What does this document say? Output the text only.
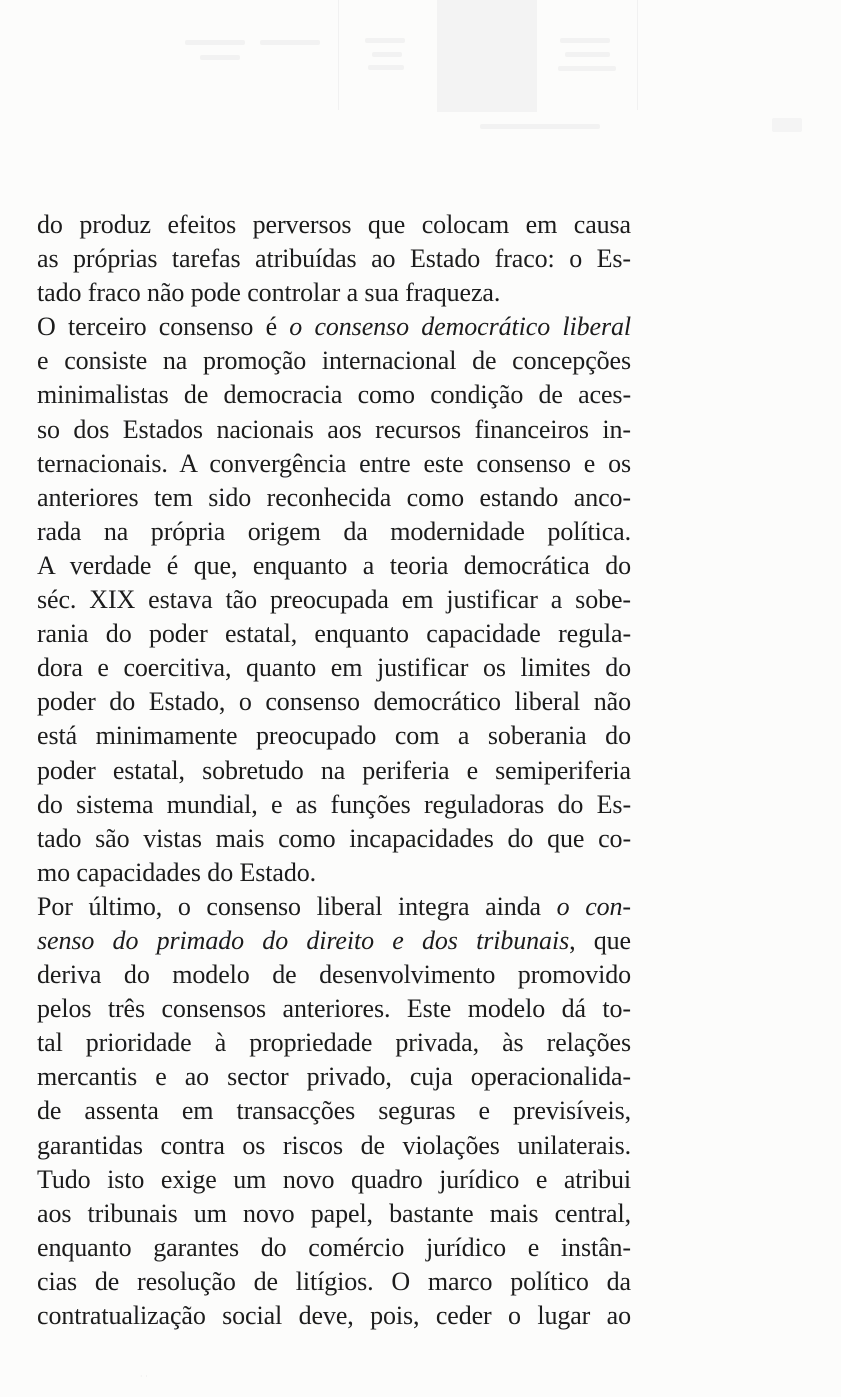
do produz efeitos perversos que colocam em causa
as próprias tarefas atribuídas ao Estado fraco: o Es-
tado fraco não pode controlar a sua fraqueza.
O terceiro consenso é o consenso democrático liberal
e consiste na promoção internacional de concepções
minimalistas de democracia como condição de aces-
so dos Estados nacionais aos recursos financeiros in-
ternacionais. A convergência entre este consenso e os
anteriores tem sido reconhecida como estando anco-
rada na própria origem da modernidade política.
A verdade é que, enquanto a teoria democrática do
séc. XIX estava tão preocupada em justificar a sobe-
rania do poder estatal, enquanto capacidade regula-
dora e coercitiva, quanto em justificar os limites do
poder do Estado, o consenso democrático liberal não
está minimamente preocupado com a soberania do
poder estatal, sobretudo na periferia e semiperiferia
do sistema mundial, e as funções reguladoras do Es-
tado são vistas mais como incapacidades do que co-
mo capacidades do Estado.
Por último, o consenso liberal integra ainda o con-
senso do primado do direito e dos tribunais, que
deriva do modelo de desenvolvimento promovido
pelos três consensos anteriores. Este modelo dá to-
tal prioridade à propriedade privada, às relações
mercantis e ao sector privado, cuja operacionalida-
de assenta em transacções seguras e previsíveis,
garantidas contra os riscos de violações unilaterais.
Tudo isto exige um novo quadro jurídico e atribui
aos tribunais um novo papel, bastante mais central,
enquanto garantes do comércio jurídico e instân-
cias de resolução de litígios. O marco político da
contratualização social deve, pois, ceder o lugar ao
· ·
